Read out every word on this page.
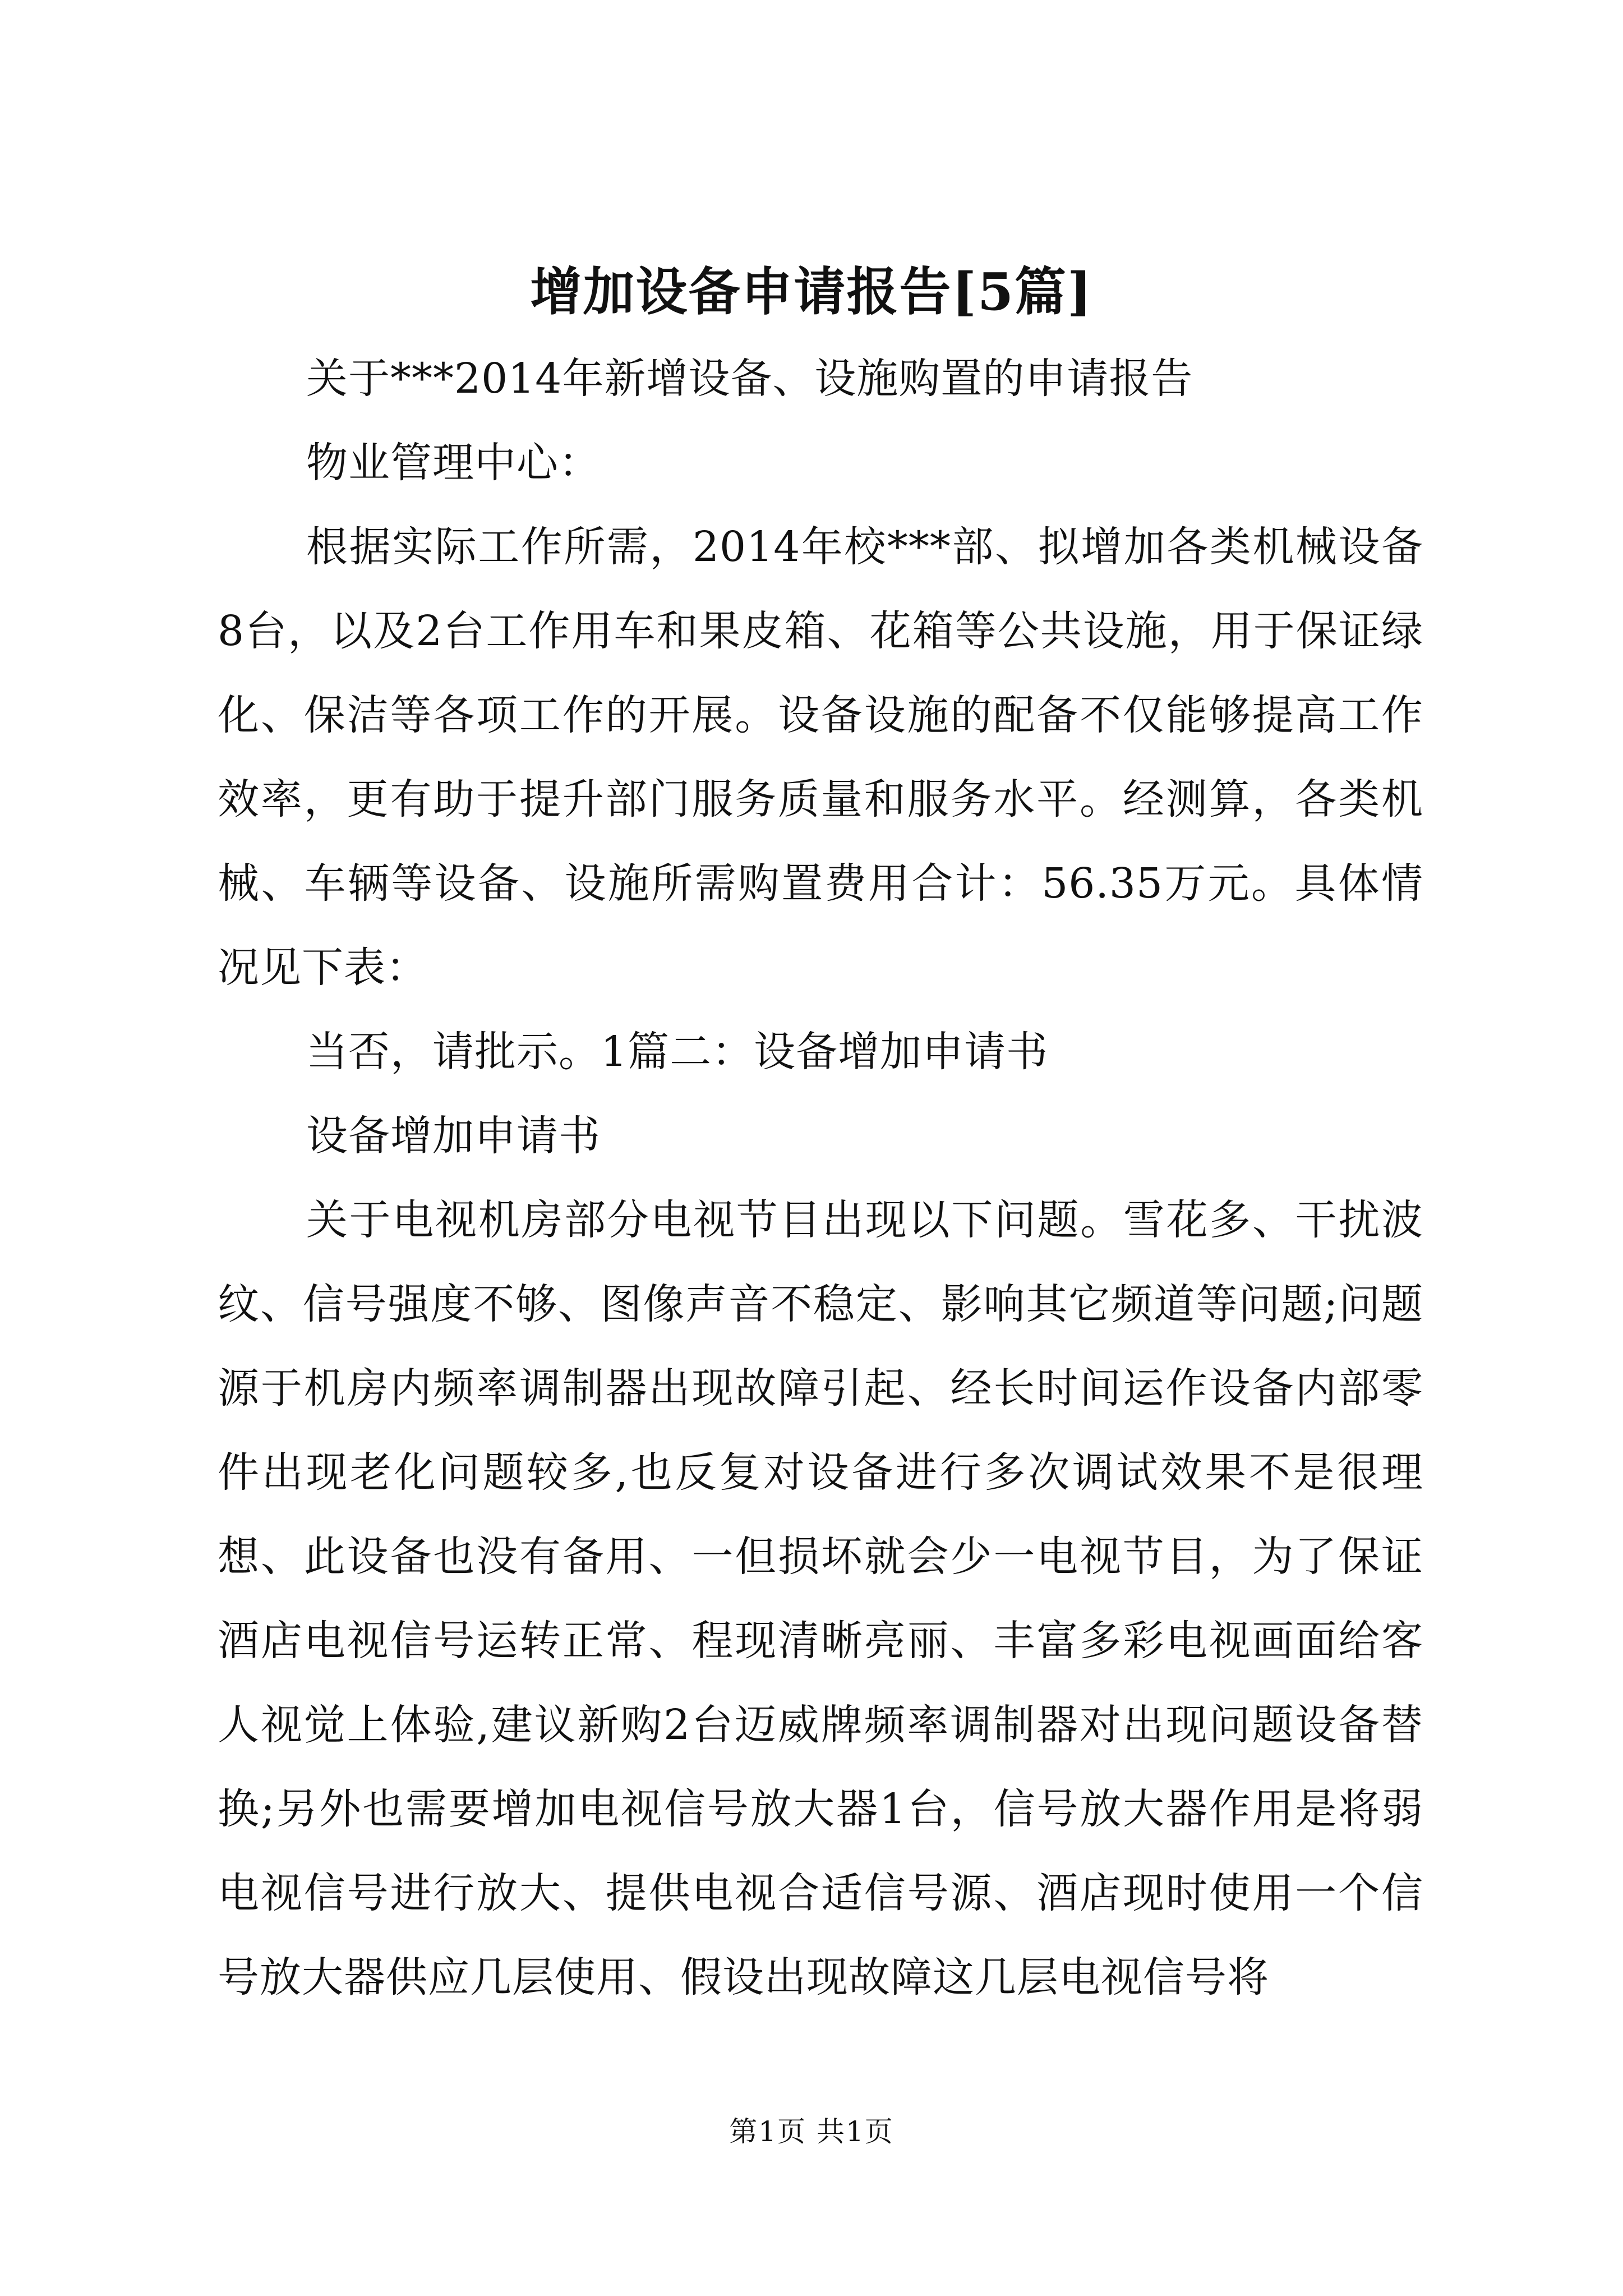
增加设备申请报告[5篇]

关于***2014年新增设备、设施购置的申请报告

物业管理中心：

根据实际工作所需，2014年校***部、拟增加各类机械设备8台，以及2台工作用车和果皮箱、花箱等公共设施，用于保证绿化、保洁等各项工作的开展。设备设施的配备不仅能够提高工作效率，更有助于提升部门服务质量和服务水平。经测算，各类机械、车辆等设备、设施所需购置费用合计：56.35万元。具体情况见下表：

当否，请批示。1篇二：设备增加申请书

设备增加申请书

关于电视机房部分电视节目出现以下问题。雪花多、干扰波纹、信号强度不够、图像声音不稳定、影响其它频道等问题;问题源于机房内频率调制器出现故障引起、经长时间运作设备内部零件出现老化问题较多,也反复对设备进行多次调试效果不是很理想、此设备也没有备用、一但损坏就会少一电视节目，为了保证酒店电视信号运转正常、程现清晰亮丽、丰富多彩电视画面给客人视觉上体验,建议新购2台迈威牌频率调制器对出现问题设备替换;另外也需要增加电视信号放大器1台，信号放大器作用是将弱电视信号进行放大、提供电视合适信号源、酒店现时使用一个信号放大器供应几层使用、假设出现故障这几层电视信号将

第1页 共1页
